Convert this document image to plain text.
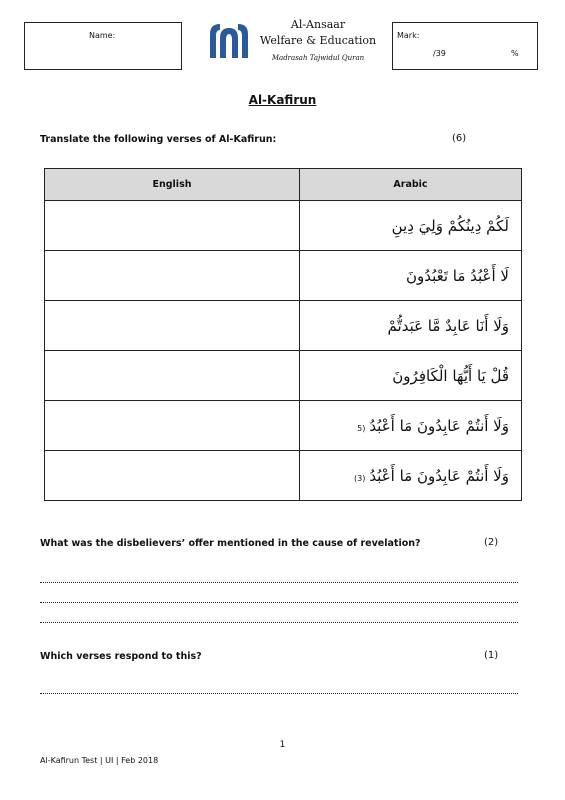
Name:
Al-Ansaar
Welfare & Education
Madrasah Tajwidul Quran
Mark:
/39	%
Al-Kafirun
Translate the following verses of Al-Kafirun:	(6)
English	Arabic
	لَكُمْ دِينُكُمْ وَلِيَ دِينِ
	لَا أَعْبُدُ مَا تَعْبُدُونَ
	وَلَا أَنَا عَابِدٌ مَّا عَبَدتُّمْ
	قُلْ يَا أَيُّهَا الْكَافِرُونَ
	وَلَا أَنتُمْ عَابِدُونَ مَا أَعْبُدُ(5
	وَلَا أَنتُمْ عَابِدُونَ مَا أَعْبُدُ(3)
What was the disbelievers’ offer mentioned in the cause of revelation?	(2)
Which verses respond to this?	(1)
1
Al-Kafirun Test | UI | Feb 2018
